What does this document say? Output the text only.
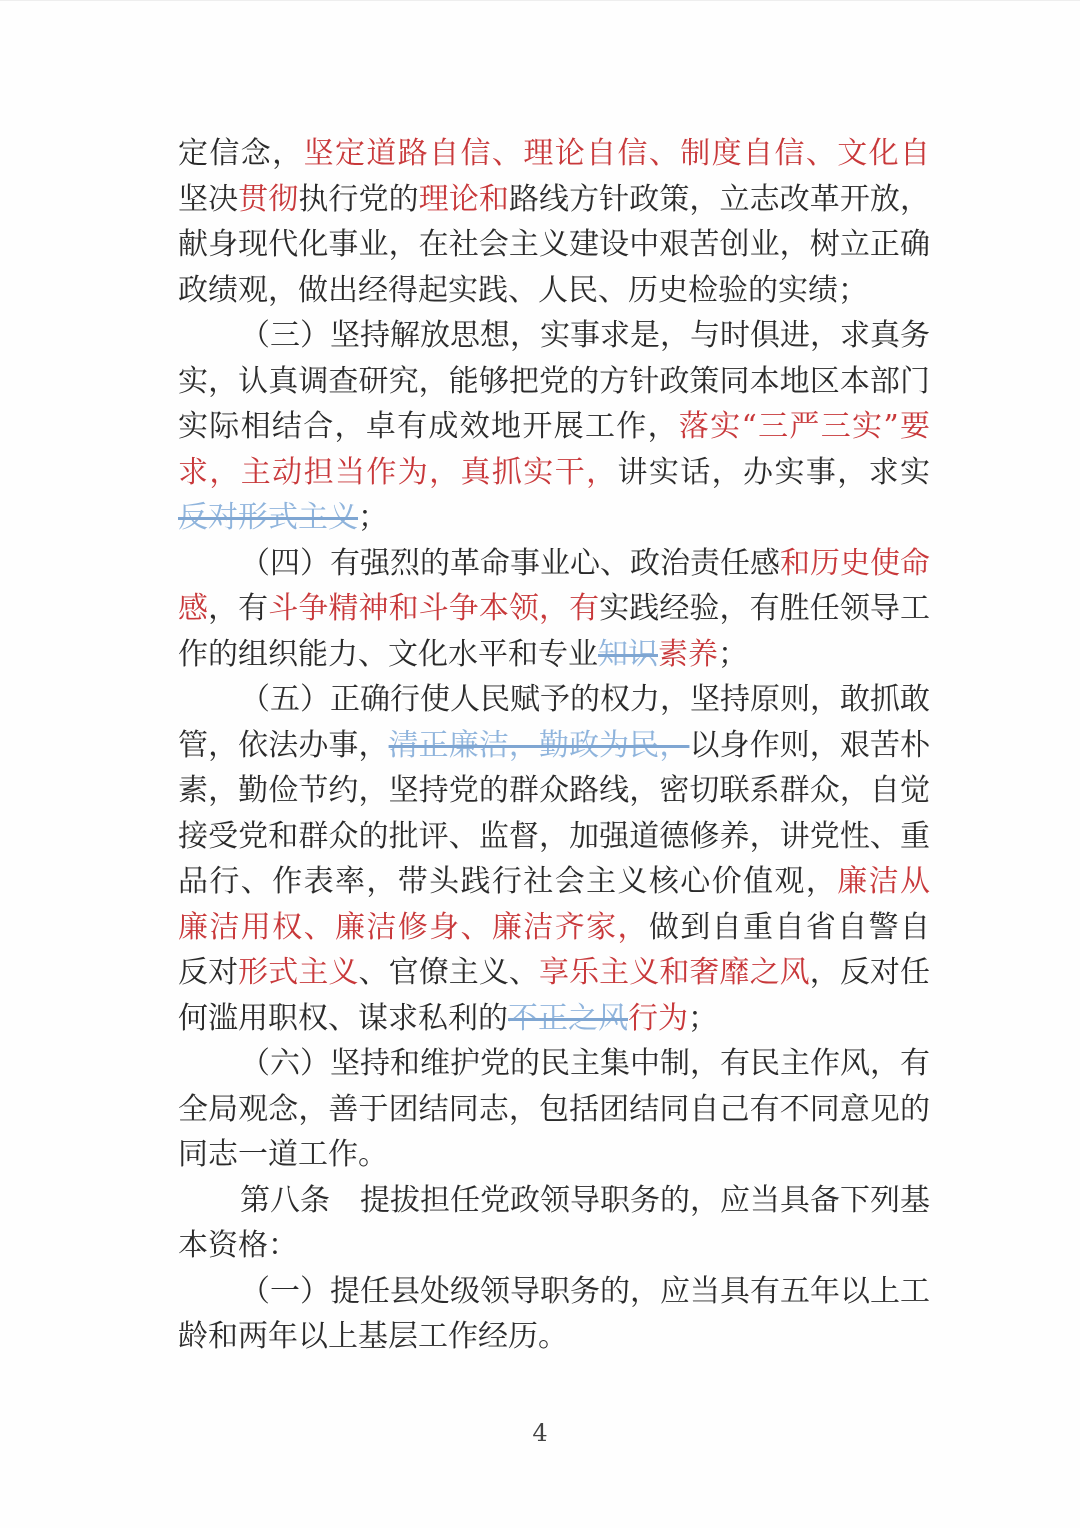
定信念，坚定道路自信、理论自信、制度自信、文化自
坚决贯彻执行党的理论和路线方针政策，立志改革开放，
献身现代化事业，在社会主义建设中艰苦创业，树立正确
政绩观，做出经得起实践、人民、历史检验的实绩；
（三）坚持解放思想，实事求是，与时俱进，求真务
实，认真调查研究，能够把党的方针政策同本地区本部门
实际相结合，卓有成效地开展工作，落实“三严三实”要
求，主动担当作为，真抓实干，讲实话，办实事，求实
反对形式主义；
（四）有强烈的革命事业心、政治责任感和历史使命
感，有斗争精神和斗争本领，有实践经验，有胜任领导工
作的组织能力、文化水平和专业知识素养；
（五）正确行使人民赋予的权力，坚持原则，敢抓敢
管，依法办事，清正廉洁，勤政为民，以身作则，艰苦朴
素，勤俭节约，坚持党的群众路线，密切联系群众，自觉
接受党和群众的批评、监督，加强道德修养，讲党性、重
品行、作表率，带头践行社会主义核心价值观，廉洁从
廉洁用权、廉洁修身、廉洁齐家，做到自重自省自警自
反对形式主义、官僚主义、享乐主义和奢靡之风，反对任
何滥用职权、谋求私利的不正之风行为；
（六）坚持和维护党的民主集中制，有民主作风，有
全局观念，善于团结同志，包括团结同自己有不同意见的
同志一道工作。
第八条　提拔担任党政领导职务的，应当具备下列基
本资格：
（一）提任县处级领导职务的，应当具有五年以上工
龄和两年以上基层工作经历。
4
